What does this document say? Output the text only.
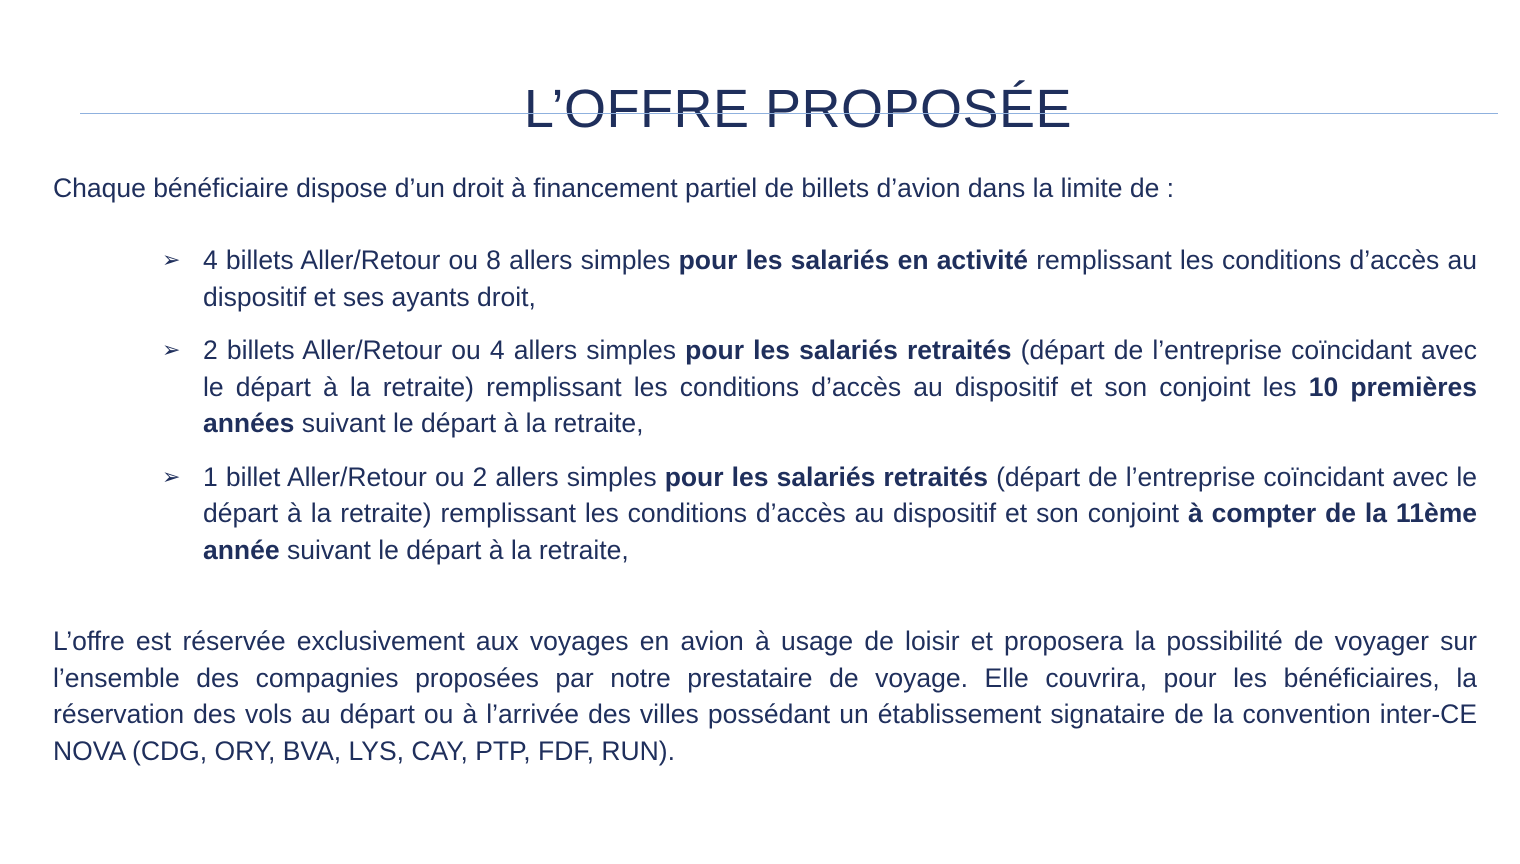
L’OFFRE PROPOSÉE

Chaque bénéficiaire dispose d’un droit à financement partiel de billets d’avion dans la limite de :

➢ 4 billets Aller/Retour ou 8 allers simples pour les salariés en activité remplissant les conditions d’accès au dispositif et ses ayants droit,

➢ 2 billets Aller/Retour ou 4 allers simples pour les salariés retraités (départ de l’entreprise coïncidant avec le départ à la retraite) remplissant les conditions d’accès au dispositif et son conjoint les 10 premières années suivant le départ à la retraite,

➢ 1 billet Aller/Retour ou 2 allers simples pour les salariés retraités (départ de l’entreprise coïncidant avec le départ à la retraite) remplissant les conditions d’accès au dispositif et son conjoint à compter de la 11ème année suivant le départ à la retraite,

L’offre est réservée exclusivement aux voyages en avion à usage de loisir et proposera la possibilité de voyager sur l’ensemble des compagnies proposées par notre prestataire de voyage. Elle couvrira, pour les bénéficiaires, la réservation des vols au départ ou à l’arrivée des villes possédant un établissement signataire de la convention inter-CE NOVA (CDG, ORY, BVA, LYS, CAY, PTP, FDF, RUN).
